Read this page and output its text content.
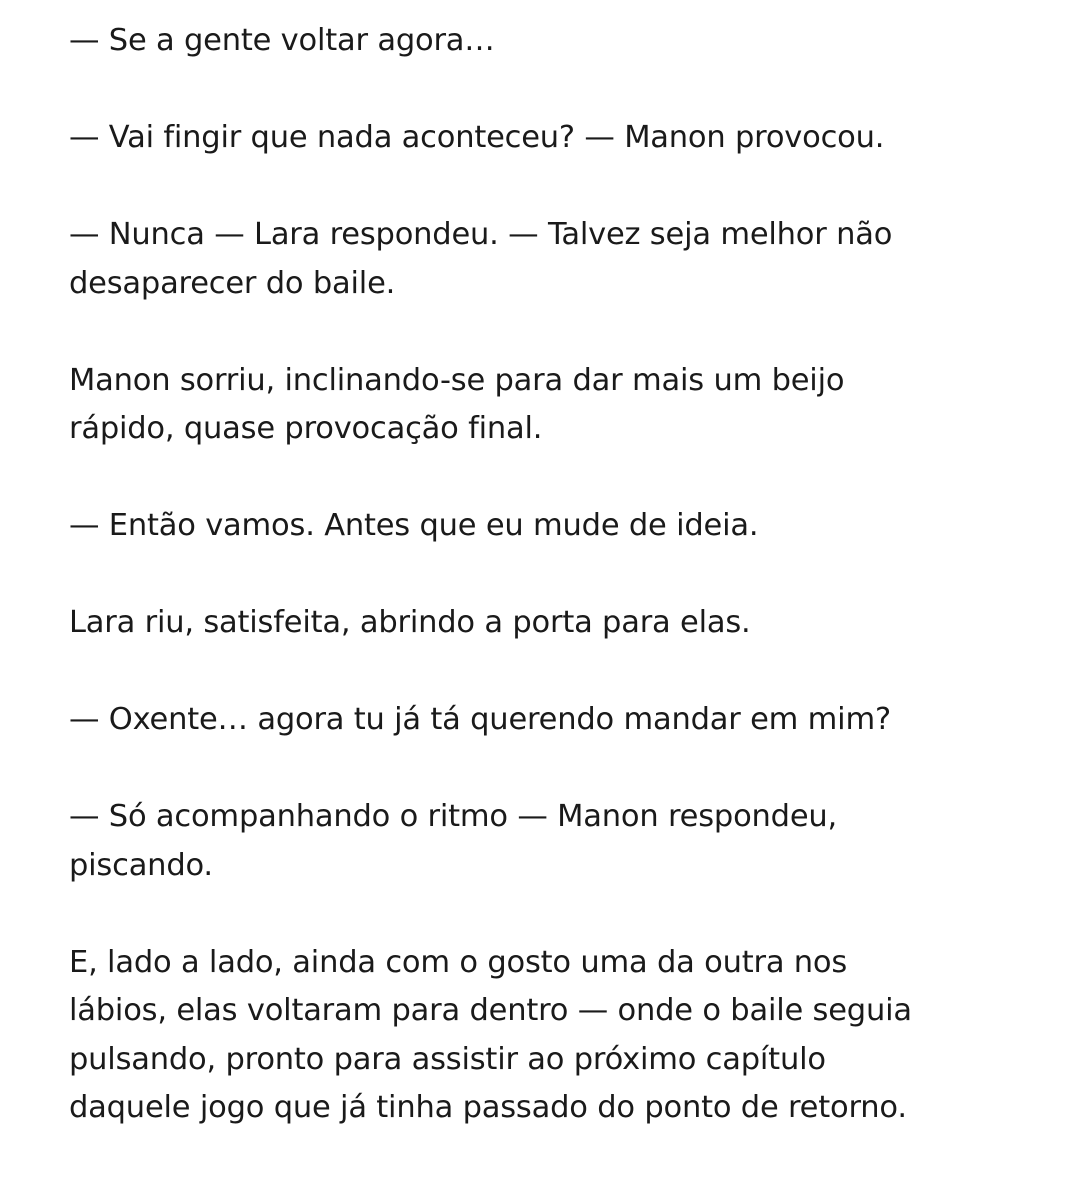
— Se a gente voltar agora…

— Vai fingir que nada aconteceu? — Manon provocou.

— Nunca — Lara respondeu. — Talvez seja melhor não
desaparecer do baile.

Manon sorriu, inclinando-se para dar mais um beijo
rápido, quase provocação final.

— Então vamos. Antes que eu mude de ideia.

Lara riu, satisfeita, abrindo a porta para elas.

— Oxente… agora tu já tá querendo mandar em mim?

— Só acompanhando o ritmo — Manon respondeu,
piscando.

E, lado a lado, ainda com o gosto uma da outra nos
lábios, elas voltaram para dentro — onde o baile seguia
pulsando, pronto para assistir ao próximo capítulo
daquele jogo que já tinha passado do ponto de retorno.
